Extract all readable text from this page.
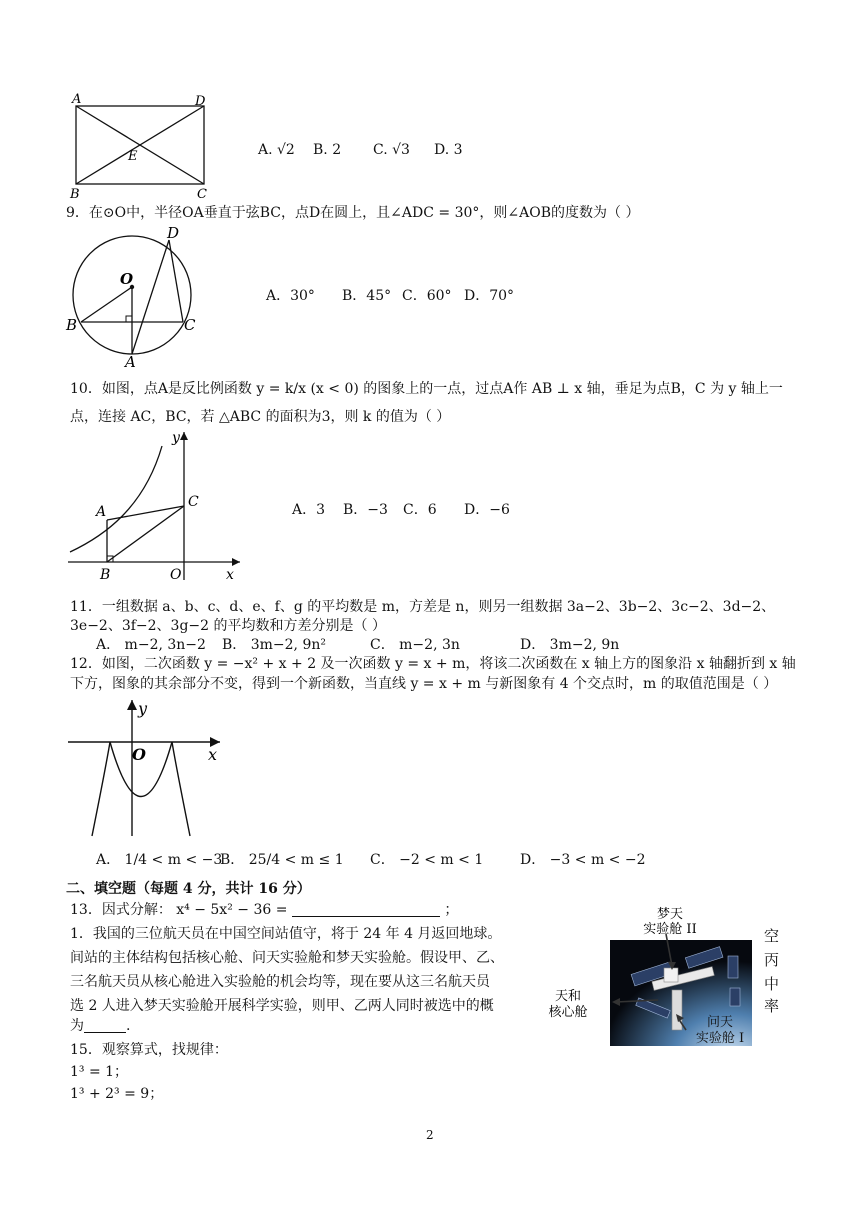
A	D
E
B	C
A. √2 B. 2 C. √3 D. 3
9．在⊙O中，半径OA垂直于弦BC，点D在圆上，且∠ADC = 30°，则∠AOB的度数为（ ）
D
O
B	C
A
A．30° B．45° C．60° D．70°
10．如图，点A是反比例函数 y = k/x (x < 0) 的图象上的一点，过点A作 AB ⊥ x 轴，垂足为点B，C 为 y 轴上一
点，连接 AC，BC，若 △ABC 的面积为3，则 k 的值为（ ）
y
A
C
B	O	x
A．3 B．−3 C．6 D．−6
11．一组数据 a、b、c、d、e、f、g 的平均数是 m，方差是 n，则另一组数据 3a−2、3b−2、3c−2、3d−2、
3e−2、3f−2、3g−2 的平均数和方差分别是（ ）
A． m−2, 3n−2 B． 3m−2, 9n²	C． m−2, 3n	D． 3m−2, 9n
12．如图，二次函数 y = −x² + x + 2 及一次函数 y = x + m，将该二次函数在 x 轴上方的图象沿 x 轴翻折到 x 轴
下方，图象的其余部分不变，得到一个新函数，当直线 y = x + m 与新图象有 4 个交点时，m 的取值范围是（ ）
y
O	x
A． 1/4 < m < −3
B． 25/4 < m ≤ 1 C． −2 < m < 1	D． −3 < m < −2
二、填空题（每题 4 分，共计 16 分）
13．因式分解： x⁴ − 5x² − 36 =	；
1．我国的三位航天员在中国空间站值守，将于 24 年 4 月返回地球。
间站的主体结构包括核心舱、问天实验舱和梦天实验舱。假设甲、乙、
三名航天员从核心舱进入实验舱的机会均等，现在要从这三名航天员
选 2 人进入梦天实验舱开展科学实验，则甲、乙两人同时被选中的概
为	.
梦天
实验舱 II
天和
核心舱
问天
实验舱 I
空
丙
中
率
15．观察算式，找规律：
1³ = 1；
1³ + 2³ = 9；
2
